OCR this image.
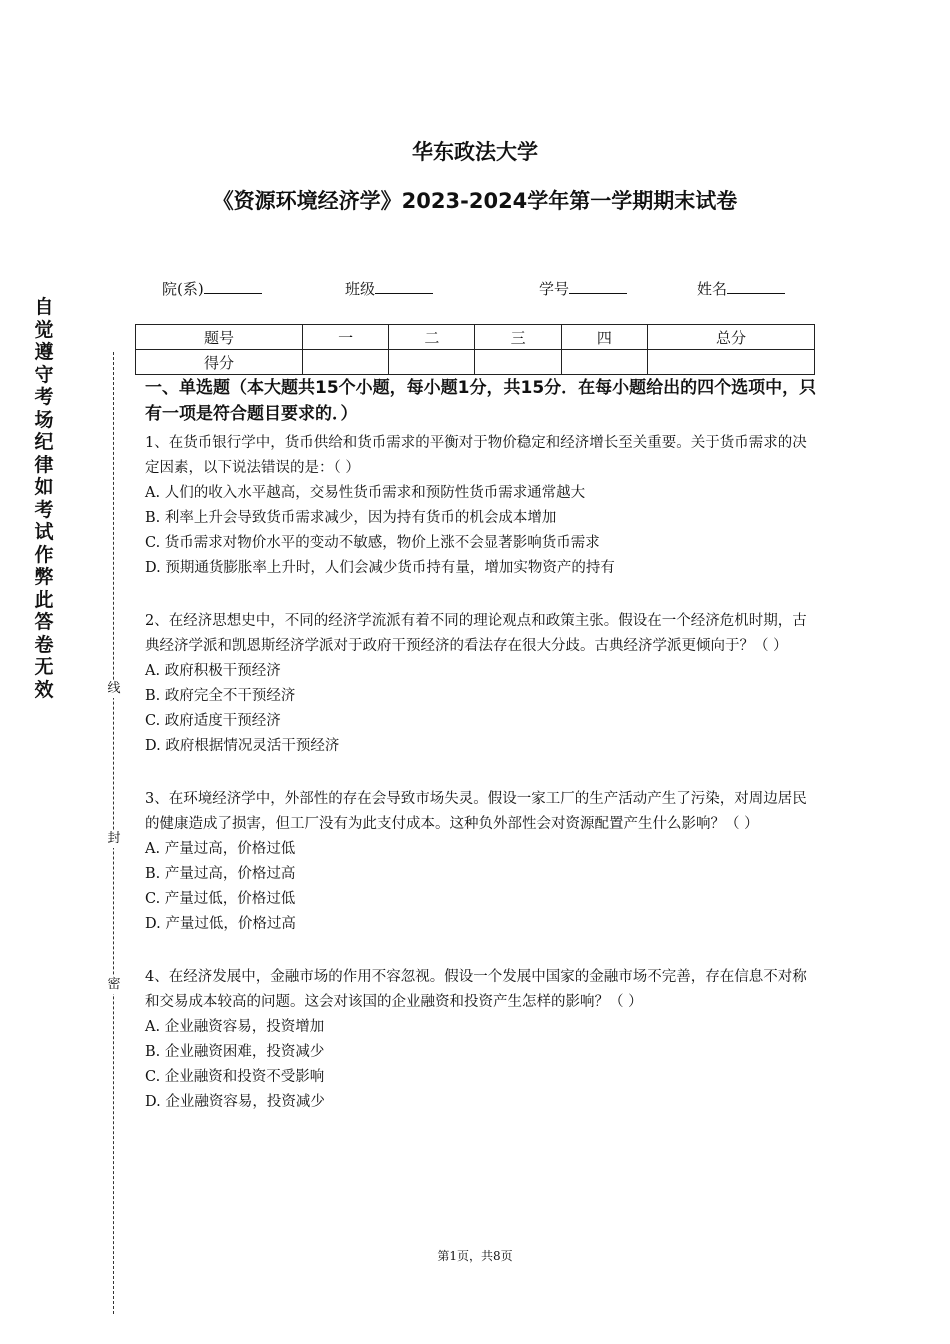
自觉遵守考场纪律如考试作弊此答卷无效	线
封
密
华东政法大学
《资源环境经济学》2023-2024学年第一学期期末试卷
院(系)	班级	学号	姓名
题号	一	二	三	四	总分
得分					
一、单选题（本大题共15个小题，每小题1分，共15分．在每小题给出的四个选项中，只有一项是符合题目要求的．）

1、在货币银行学中，货币供给和货币需求的平衡对于物价稳定和经济增长至关重要。关于货币需求的决定因素，以下说法错误的是：（ ）

A. 人们的收入水平越高，交易性货币需求和预防性货币需求通常越大

B. 利率上升会导致货币需求减少，因为持有货币的机会成本增加

C. 货币需求对物价水平的变动不敏感，物价上涨不会显著影响货币需求

D. 预期通货膨胀率上升时，人们会减少货币持有量，增加实物资产的持有

2、在经济思想史中，不同的经济学流派有着不同的理论观点和政策主张。假设在一个经济危机时期，古典经济学派和凯恩斯经济学派对于政府干预经济的看法存在很大分歧。古典经济学派更倾向于？（ ）

A. 政府积极干预经济

B. 政府完全不干预经济

C. 政府适度干预经济

D. 政府根据情况灵活干预经济

3、在环境经济学中，外部性的存在会导致市场失灵。假设一家工厂的生产活动产生了污染，对周边居民的健康造成了损害，但工厂没有为此支付成本。这种负外部性会对资源配置产生什么影响？（ ）

A. 产量过高，价格过低

B. 产量过高，价格过高

C. 产量过低，价格过低

D. 产量过低，价格过高

4、在经济发展中，金融市场的作用不容忽视。假设一个发展中国家的金融市场不完善，存在信息不对称和交易成本较高的问题。这会对该国的企业融资和投资产生怎样的影响？（ ）

A. 企业融资容易，投资增加

B. 企业融资困难，投资减少

C. 企业融资和投资不受影响

D. 企业融资容易，投资减少

第1页，共8页
